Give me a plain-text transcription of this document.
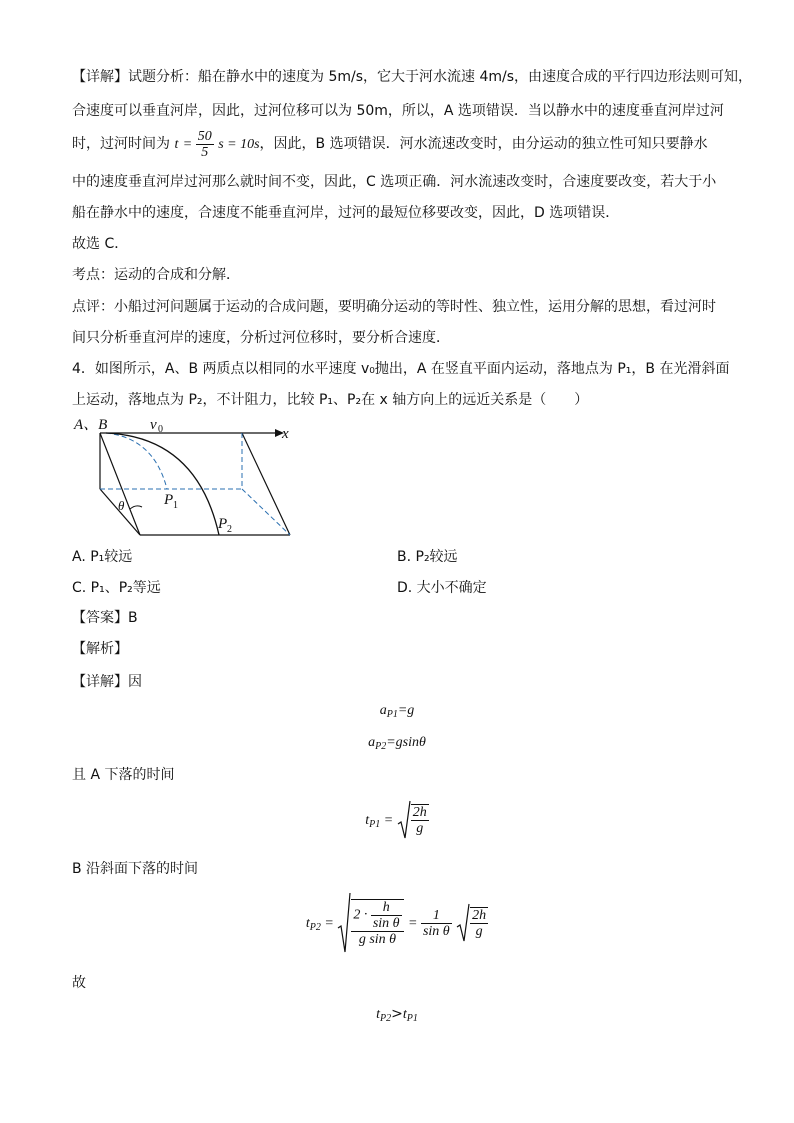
【详解】试题分析：船在静水中的速度为 5m/s，它大于河水流速 4m/s，由速度合成的平行四边形法则可知，
合速度可以垂直河岸，因此，过河位移可以为 50m，所以，A 选项错误．当以静水中的速度垂直河岸过河
时，过河时间为 $t = \frac{50}{5}$ s = 10s，因此，B 选项错误．河水流速改变时，由分运动的独立性可知只要静水
中的速度垂直河岸过河那么就时间不变，因此，C 选项正确．河水流速改变时，合速度要改变，若大于小
船在静水中的速度，合速度不能垂直河岸，过河的最短位移要改变，因此，D 选项错误．
故选 C．
考点：运动的合成和分解．
点评：小船过河问题属于运动的合成问题，要明确分运动的等时性、独立性，运用分解的思想，看过河时
间只分析垂直河岸的速度，分析过河位移时，要分析合速度．
4．如图所示，A、B 两质点以相同的水平速度 v₀抛出，A 在竖直平面内运动，落地点为 P₁，B 在光滑斜面
上运动，落地点为 P₂，不计阻力，比较 P₁、P₂在 x 轴方向上的远近关系是（　　）
A、B	v 0	x
P 1
P 2
θ
A. P₁较远	B. P₂较远
C. P₁、P₂等远	D. 大小不确定
【答案】B
【解析】
【详解】因
$a_{P1}=g$
$a_{P2}=gsin\theta$
且 A 下落的时间
$t_{P1} = \frac{2h}{g}$
B 沿斜面下落的时间
$t_{P2} = \frac{2 \cdot \frac{h}{\text{sin θ}}}{\text{g sin θ}} = \frac{1}{\text{sin θ}}$
$\frac{2h}{g}$
故
$t_{P2}>t_{P1}$
